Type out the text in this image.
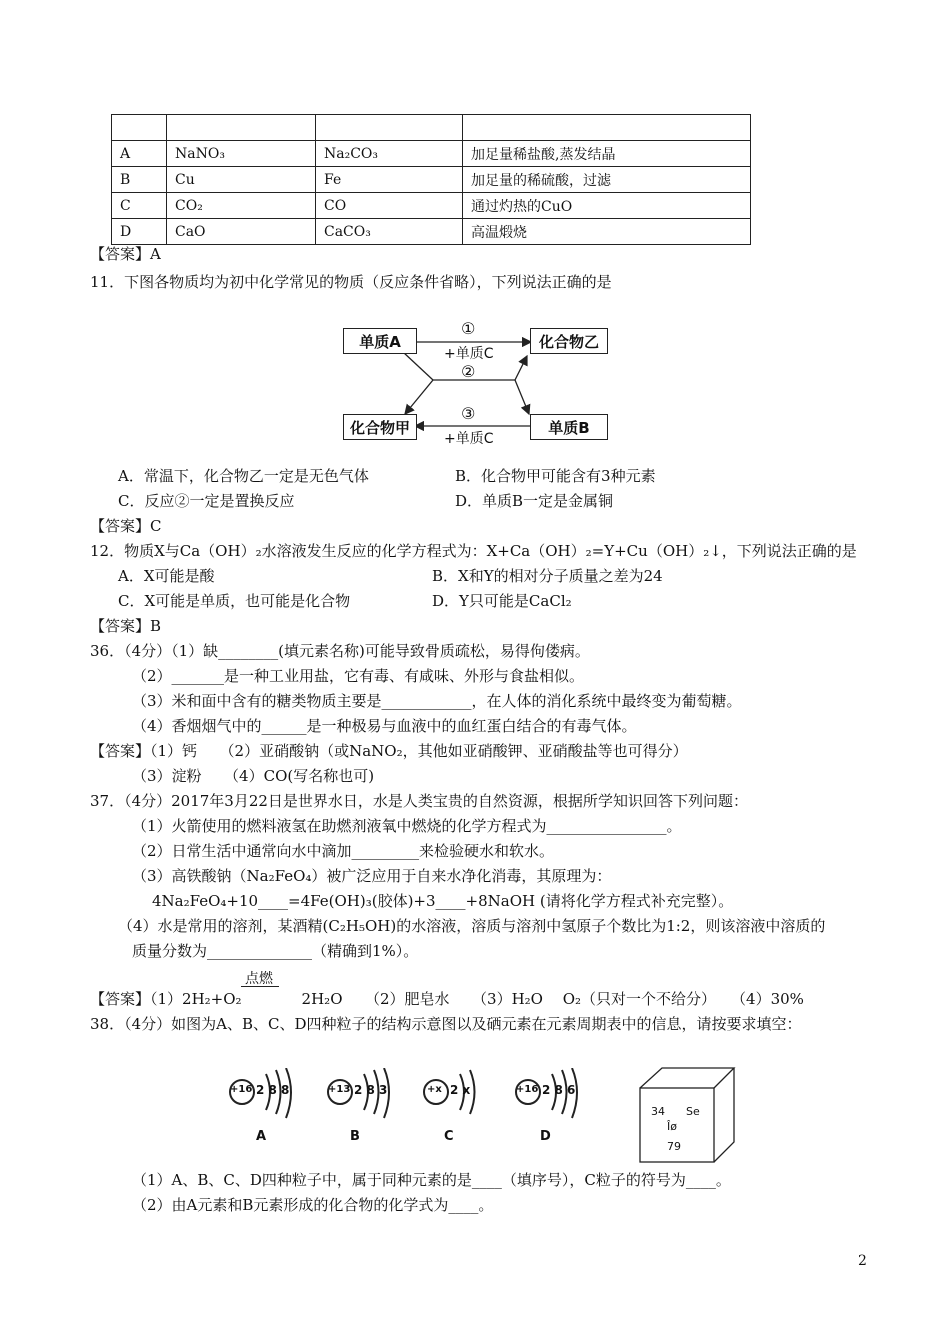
A	NaNO₃	Na₂CO₃	加足量稀盐酸,蒸发结晶
B	Cu	Fe	加足量的稀硫酸，过滤
C	CO₂	CO	通过灼热的CuO
D	CaO	CaCO₃	高温煅烧
【答案】A
11．下图各物质均为初中化学常见的物质（反应条件省略），下列说法正确的是
单质A	化合物乙
化合物甲	单质B
①
+单质C
②
③
+单质C
A．常温下，化合物乙一定是无色气体	B．化合物甲可能含有3种元素
C．反应②一定是置换反应	D．单质B一定是金属铜
【答案】C
12．物质X与Ca（OH）₂水溶液发生反应的化学方程式为：X+Ca（OH）₂=Y+Cu（OH）₂↓，下列说法正确的是
A．X可能是酸	B．X和Y的相对分子质量之差为24
C．X可能是单质，也可能是化合物	D．Y只可能是CaCl₂
【答案】B
36．（4分）（1）缺________(填元素名称)可能导致骨质疏松，易得佝偻病。
（2）_______是一种工业用盐，它有毒、有咸味、外形与食盐相似。
（3）米和面中含有的糖类物质主要是____________，在人体的消化系统中最终变为葡萄糖。
（4）香烟烟气中的______是一种极易与血液中的血红蛋白结合的有毒气体。
【答案】（1）钙　　（2）亚硝酸钠（或NaNO₂，其他如亚硝酸钾、亚硝酸盐等也可得分）
（3）淀粉　　（4）CO(写名称也可)
37．（4分）2017年3月22日是世界水日，水是人类宝贵的自然资源，根据所学知识回答下列问题：
（1）火箭使用的燃料液氢在助燃剂液氧中燃烧的化学方程式为________________。
（2）日常生活中通常向水中滴加_________来检验硬水和软水。
（3）高铁酸钠（Na₂FeO₄）被广泛应用于自来水净化消毒，其原理为：
4Na₂FeO₄+10____=4Fe(OH)₃(胶体)+3____+8NaOH (请将化学方程式补充完整）。
（4）水是常用的溶剂，某酒精(C₂H₅OH)的水溶液，溶质与溶剂中氢原子个数比为1:2，则该溶液中溶质的
质量分数为______________（精确到1%）。
点燃
【答案】（1）2H₂+O₂　　　　2H₂O　　（2）肥皂水　　（3）H₂O　 O₂（只对一个不给分）　　（4）30%
38．（4分）如图为A、B、C、D四种粒子的结构示意图以及硒元素在元素周期表中的信息，请按要求填空：
+16 2 8 8	+13 2 8 3	+x 2 x	+16 2 8 6
A	B	C	D
34 Se
Îø
79
（1）A、B、C、D四种粒子中，属于同种元素的是____（填序号），C粒子的符号为____。
（2）由A元素和B元素形成的化合物的化学式为____。
2
